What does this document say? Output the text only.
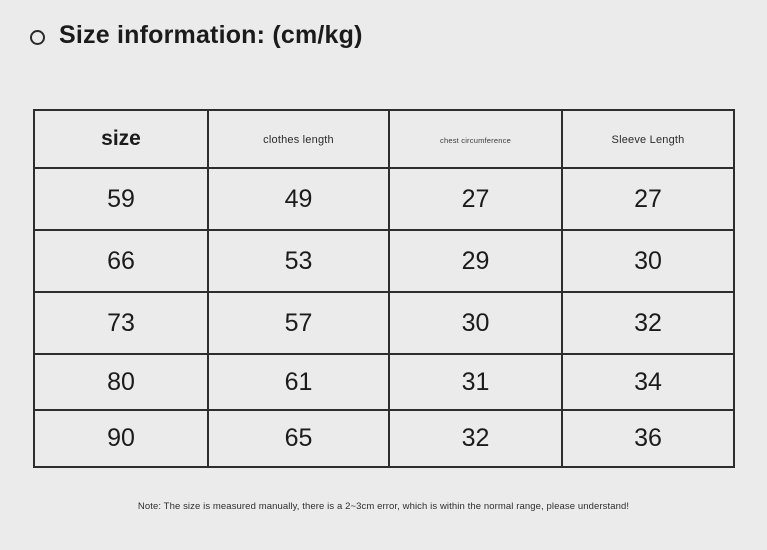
Size information: (cm/kg)
size	clothes length	chest circumference	Sleeve Length
59	49	27	27
66	53	29	30
73	57	30	32
80	61	31	34
90	65	32	36
Note: The size is measured manually, there is a 2~3cm error, which is within the normal range, please understand!
